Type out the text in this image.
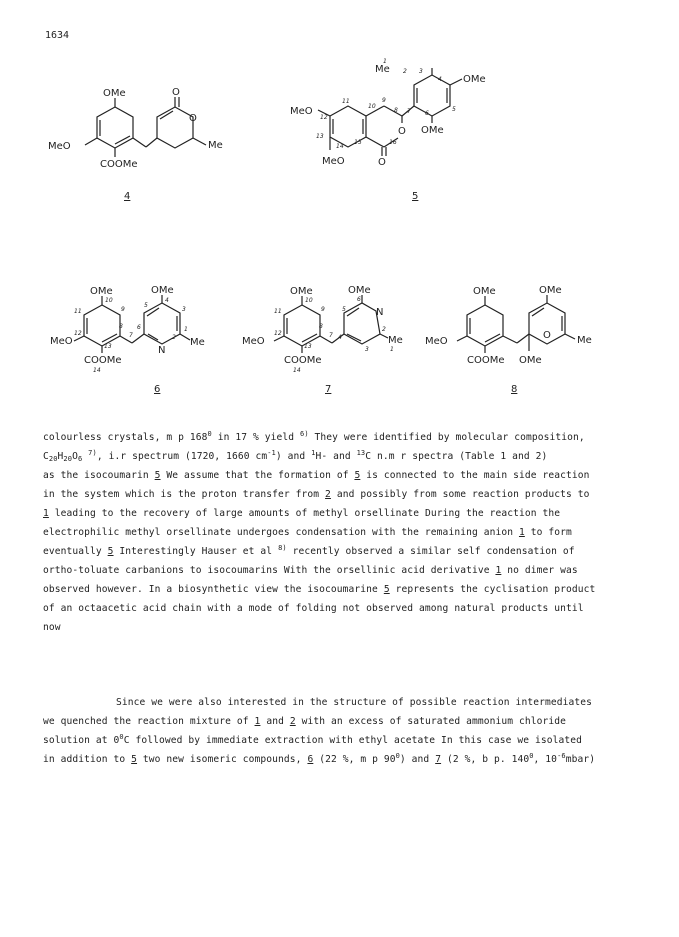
1634
OMe
MeO
COOMe
O
O
Me
4
Me
OMe
OMe
MeO
MeO
O
O
1
2 3
4
5
6
7
8
9
10
11
12
13
14
15	16
5
OMe	OMe
MeO
COOMe
N
Me
1
2
3
4
5
6
7
8
9
10
11
12
13
14
6
OMe	OMe
MeO
COOMe
N
Me
1
2
3
4
5
6
7
8
9
10
11
12
13
14
7
OMe	OMe
MeO
COOMe OMe
O	Me
8
colourless crystals, m p $168^0$ in 17 % yield $^{6)}$ They were identified by molecular composition,
$C_{20}H_{20}O_6$ $^{7)}$, i.r spectrum (1720, 1660 $cm^{-1}$) and $^1$H- and $^{13}$C n.m r spectra (Table 1 and 2)
as the isocoumarin 5 We assume that the formation of 5 is connected to the main side reaction
in the system which is the proton transfer from 2 and possibly from some reaction products to
1 leading to the recovery of large amounts of methyl orsellinate During the reaction the
electrophilic methyl orsellinate undergoes condensation with the remaining anion 1 to form
eventually 5 Interestingly Hauser et al $^{8)}$ recently observed a similar self condensation of
ortho-toluate carbanions to isocoumarins With the orsellinic acid derivative 1 no dimer was
observed however. In a biosynthetic view the isocoumarine 5 represents the cyclisation product
of an octaacetic acid chain with a mode of folding not observed among natural products until
now
Since we were also interested in the structure of possible reaction intermediates
we quenched the reaction mixture of 1 and 2 with an excess of saturated ammonium chloride
solution at $0^0C$ followed by immediate extraction with ethyl acetate In this case we isolated
in addition to 5 two new isomeric compounds, 6 (22 %, m p $90^0$) and 7 (2 %, b p. $140^0$, $10^{-6}mbar$)
